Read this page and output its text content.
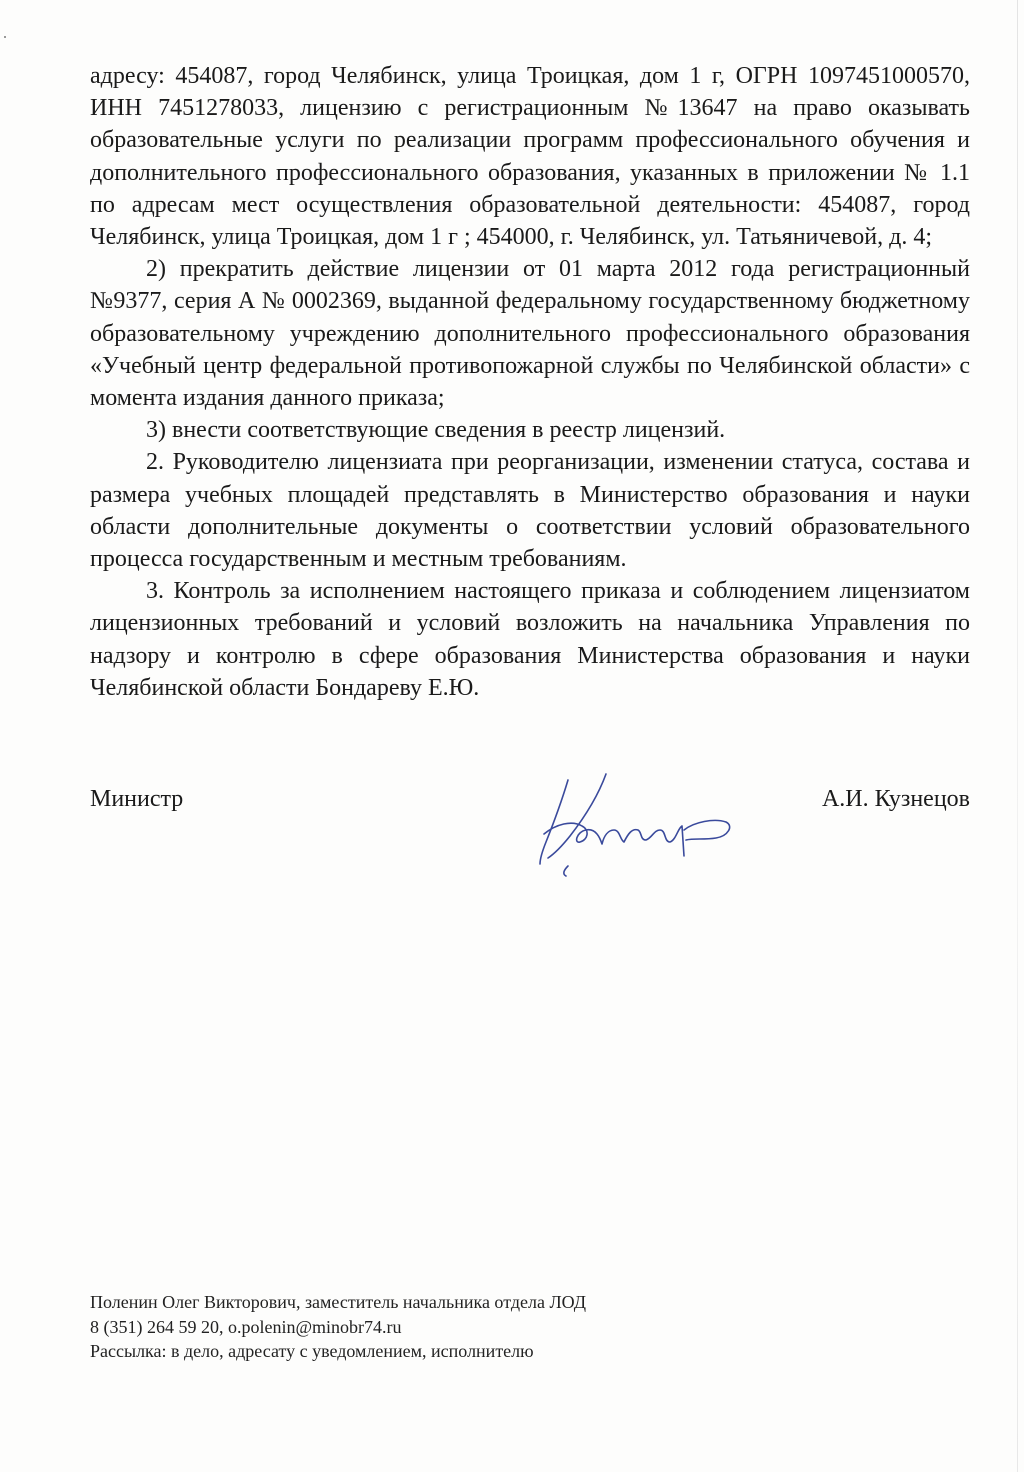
адресу: 454087, город Челябинск, улица Троицкая, дом 1 г, ОГРН 1097451000570, ИНН 7451278033, лицензию с регистрационным №13647 на право оказывать образовательные услуги по реализации программ профессионального обучения и дополнительного профессионального образования, указанных в приложении № 1.1 по адресам мест осуществления образовательной деятельности: 454087, город Челябинск, улица Троицкая, дом 1 г ; 454000, г. Челябинск, ул. Татьяничевой, д. 4;

2) прекратить действие лицензии от 01 марта 2012 года регистрационный №9377, серия А № 0002369, выданной федеральному государственному бюджетному образовательному учреждению дополнительного профессионального образования «Учебный центр федеральной противопожарной службы по Челябинской области» с момента издания данного приказа;

3) внести соответствующие сведения в реестр лицензий.

2. Руководителю лицензиата при реорганизации, изменении статуса, состава и размера учебных площадей представлять в Министерство образования и науки области дополнительные документы о соответствии условий образовательного процесса государственным и местным требованиям.

3. Контроль за исполнением настоящего приказа и соблюдением лицензиатом лицензионных требований и условий возложить на начальника Управления по надзору и контролю в сфере образования Министерства образования и науки Челябинской области Бондареву Е.Ю.

Министр	А.И. Кузнецов

Поленин Олег Викторович, заместитель начальника отдела ЛОД

8 (351) 264 59 20, o.polenin@minobr74.ru

Рассылка: в дело, адресату с уведомлением, исполнителю
